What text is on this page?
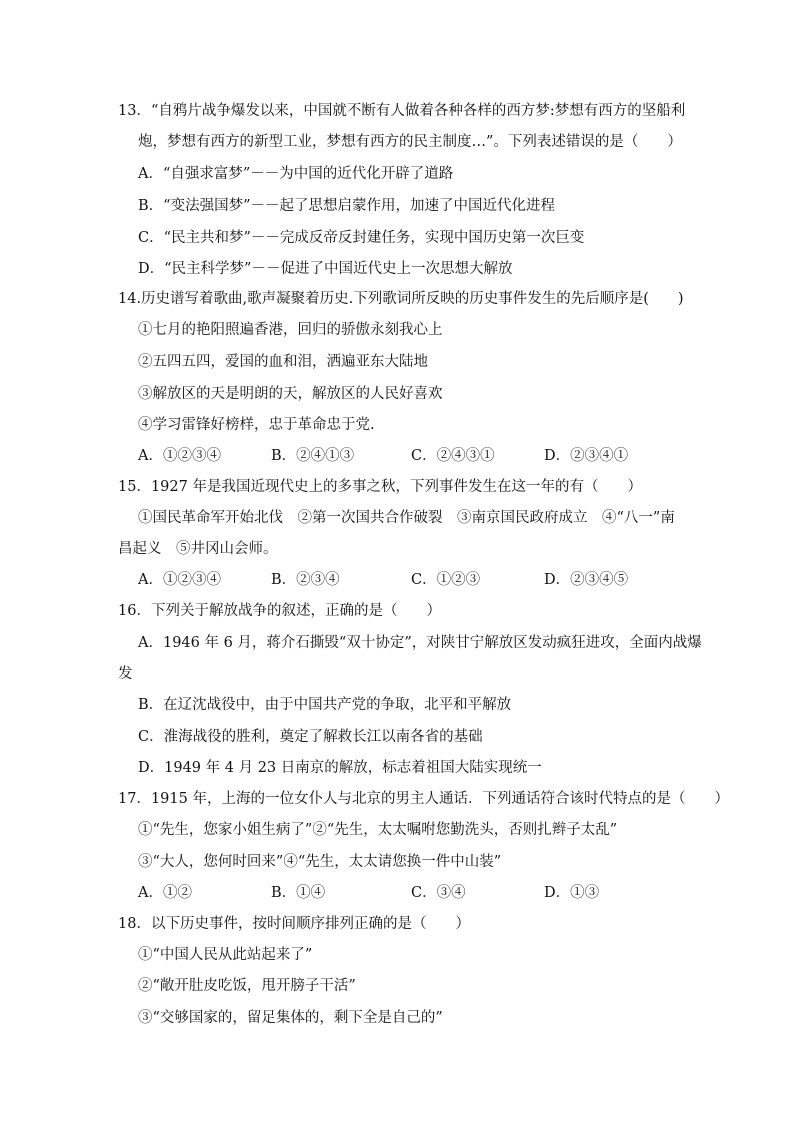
13．“自鸦片战争爆发以来，中国就不断有人做着各种各样的西方梦:梦想有西方的坚船利
炮，梦想有西方的新型工业，梦想有西方的民主制度…”。下列表述错误的是（　　）
A．“自强求富梦”－－为中国的近代化开辟了道路
B．“变法强国梦”－－起了思想启蒙作用，加速了中国近代化进程
C．“民主共和梦”－－完成反帝反封建任务，实现中国历史第一次巨变
D．“民主科学梦”－－促进了中国近代史上一次思想大解放
14.历史谱写着歌曲,歌声凝聚着历史.下列歌词所反映的历史事件发生的先后顺序是(　　)
①七月的艳阳照遍香港，回归的骄傲永刻我心上
②五四五四，爱国的血和泪，洒遍亚东大陆地
③解放区的天是明朗的天，解放区的人民好喜欢
④学习雷锋好榜样，忠于革命忠于党.
A．①②③④	B．②④①③	C．②④③①	D．②③④①
15．1927 年是我国近现代史上的多事之秋，下列事件发生在这一年的有（　　）
①国民革命军开始北伐　②第一次国共合作破裂　③南京国民政府成立　④“八一”南
昌起义　⑤井冈山会师。
A．①②③④	B．②③④	C．①②③	D．②③④⑤
16．下列关于解放战争的叙述，正确的是（　　）
A．1946 年 6 月，蒋介石撕毁“双十协定”，对陕甘宁解放区发动疯狂进攻，全面内战爆
发
B．在辽沈战役中，由于中国共产党的争取，北平和平解放
C．淮海战役的胜利，奠定了解救长江以南各省的基础
D．1949 年 4 月 23 日南京的解放，标志着祖国大陆实现统一
17．1915 年，上海的一位女仆人与北京的男主人通话．下列通话符合该时代特点的是（　　）
①“先生，您家小姐生病了”②“先生，太太嘱咐您勤洗头，否则扎辫子太乱”
③“大人，您何时回来”④“先生，太太请您换一件中山装”
A．①②	B．①④	C．③④	D．①③
18．以下历史事件，按时间顺序排列正确的是（　　）
①“中国人民从此站起来了”
②“敞开肚皮吃饭，甩开膀子干活”
③“交够国家的，留足集体的，剩下全是自己的”
